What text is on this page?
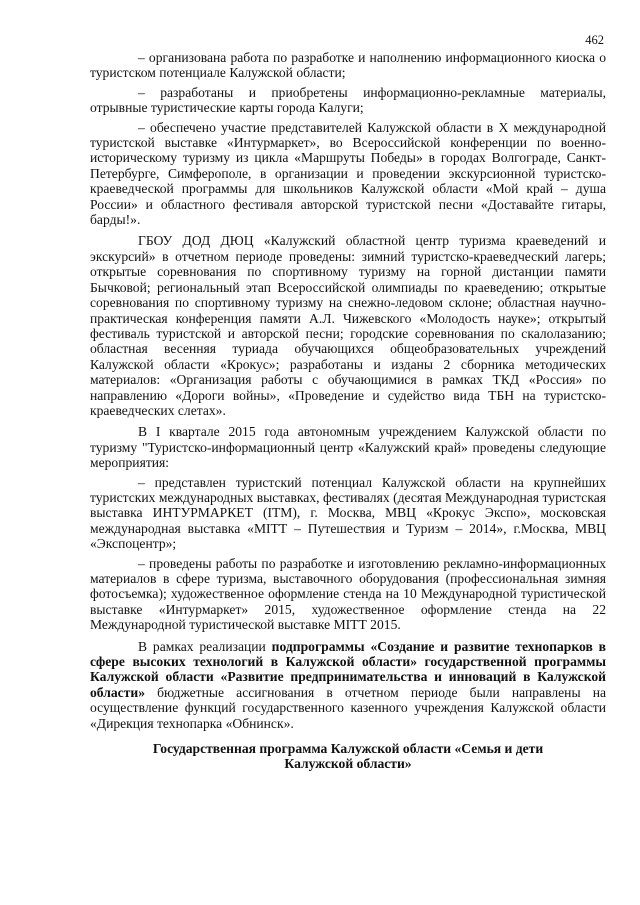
462

– организована работа по разработке и наполнению информационного киоска о туристском потенциале Калужской области;

– разработаны и приобретены информационно-рекламные материалы, отрывные туристические карты города Калуги;

– обеспечено участие представителей Калужской области в X международной туристской выставке «Интурмаркет», во Всероссийской конференции по военно-историческому туризму из цикла «Маршруты Победы» в городах Волгограде, Санкт-Петербурге, Симферополе, в организации и проведении экскурсионной туристско-краеведческой программы для школьников Калужской области «Мой край – душа России» и областного фестиваля авторской туристской песни «Доставайте гитары, барды!».

ГБОУ ДОД ДЮЦ «Калужский областной центр туризма краеведений и экскурсий» в отчетном периоде проведены: зимний туристско-краеведческий лагерь; открытые соревнования по спортивному туризму на горной дистанции памяти Бычковой; региональный этап Всероссийской олимпиады по краеведению; открытые соревнования по спортивному туризму на снежно-ледовом склоне; областная научно-практическая конференция памяти А.Л. Чижевского «Молодость науке»; открытый фестиваль туристской и авторской песни; городские соревнования по скалолазанию; областная весенняя туриада обучающихся общеобразовательных учреждений Калужской области «Крокус»; разработаны и изданы 2 сборника методических материалов: «Организация работы с обучающимися в рамках ТКД «Россия» по направлению «Дороги войны», «Проведение и судейство вида ТБН на туристско-краеведческих слетах».

В I квартале 2015 года автономным учреждением Калужской области по туризму "Туристско-информационный центр «Калужский край» проведены следующие мероприятия:

– представлен туристский потенциал Калужской области на крупнейших туристских международных выставках, фестивалях (десятая Международная туристская выставка ИНТУРМАРКЕТ (ITM), г. Москва, МВЦ «Крокус Экспо», московская международная выставка «МІТТ – Путешествия и Туризм – 2014», г.Москва, МВЦ «Экспоцентр»;

– проведены работы по разработке и изготовлению рекламно-информационных материалов в сфере туризма, выставочного оборудования (профессиональная зимняя фотосъемка); художественное оформление стенда на 10 Международной туристической выставке «Интурмаркет» 2015, художественное оформление стенда на 22 Международной туристической выставке МІТТ 2015.

В рамках реализации подпрограммы «Создание и развитие технопарков в сфере высоких технологий в Калужской области» государственной программы Калужской области «Развитие предпринимательства и инноваций в Калужской области» бюджетные ассигнования в отчетном периоде были направлены на осуществление функций государственного казенного учреждения Калужской области «Дирекция технопарка «Обнинск».

Государственная программа Калужской области «Семья и дети Калужской области»
